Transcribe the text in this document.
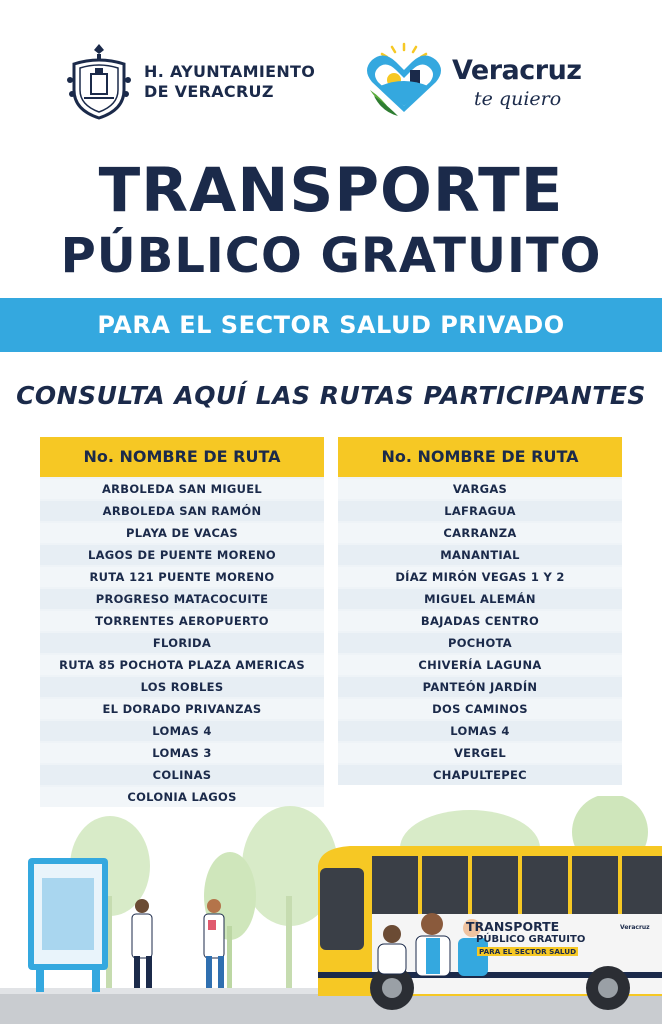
H. AYUNTAMIENTO
DE VERACRUZ
Veracruz
te quiero
TRANSPORTE
PÚBLICO GRATUITO
PARA EL SECTOR SALUD PRIVADO
CONSULTA AQUÍ LAS RUTAS PARTICIPANTES
No. NOMBRE DE RUTA
ARBOLEDA SAN MIGUEL
ARBOLEDA SAN RAMÓN
PLAYA DE VACAS
LAGOS DE PUENTE MORENO
RUTA 121 PUENTE MORENO
PROGRESO MATACOCUITE
TORRENTES AEROPUERTO
FLORIDA
RUTA 85 POCHOTA PLAZA AMERICAS
LOS ROBLES
EL DORADO PRIVANZAS
LOMAS 4
LOMAS 3
COLINAS
COLONIA LAGOS
No. NOMBRE DE RUTA
VARGAS
LAFRAGUA
CARRANZA
MANANTIAL
DÍAZ MIRÓN VEGAS 1 Y 2
MIGUEL ALEMÁN
BAJADAS CENTRO
POCHOTA
CHIVERÍA LAGUNA
PANTEÓN JARDÍN
DOS CAMINOS
LOMAS 4
VERGEL
CHAPULTEPEC
TRANSPORTE
PÚBLICO GRATUITO
PARA EL SECTOR SALUD
Veracruz
